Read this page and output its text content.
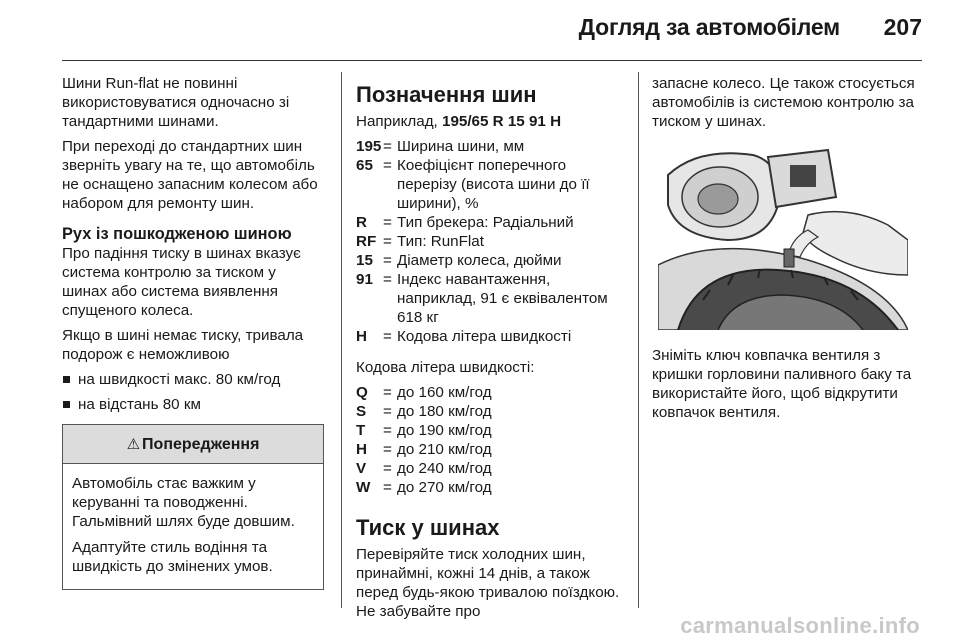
Догляд за автомобілем 207

Шини Run-flat не повинні використовуватися одночасно зі тандартними шинами.

При переході до стандартних шин зверніть увагу на те, що автомобіль не оснащено запасним колесом або набором для ремонту шин.

Рух із пошкодженою шиною

Про падіння тиску в шинах вказує система контролю за тиском у шинах або система виявлення спущеного колеса.

Якщо в шині немає тиску, тривала подорож є неможливою

на швидкості макс. 80 км/год
на відстань 80 км
⚠ Попередження

Автомобіль стає важким у керуванні та поводженні. Гальмівний шлях буде довшим.

Адаптуйте стиль водіння та швидкість до змінених умов.

Позначення шин

Наприклад, 195/65 R 15 91 H

195 = Ширина шини, мм
65 = Коефіцієнт поперечного перерізу (висота шини до її ширини), %
R	= Тип брекера: Радіальний
RF = Тип: RunFlat
15 = Діаметр колеса, дюйми
91 = Індекс навантаження, наприклад, 91 є еквівалентом 618 кг
H	= Кодова літера швидкості

Кодова літера швидкості:

Q = до 160 км/год
S	= до 180 км/год
T	= до 190 км/год
H	= до 210 км/год
V	= до 240 км/год
W = до 270 км/год
Тиск у шинах

Перевіряйте тиск холодних шин, принаймні, кожні 14 днів, а також перед будь-якою тривалою поїздкою. Не забувайте про

запасне колесо. Це також стосується автомобілів із системою контролю за тиском у шинах.

Зніміть ключ ковпачка вентиля з кришки горловини паливного баку та використайте його, щоб відкрутити ковпачок вентиля.

carmanualsonline.info
